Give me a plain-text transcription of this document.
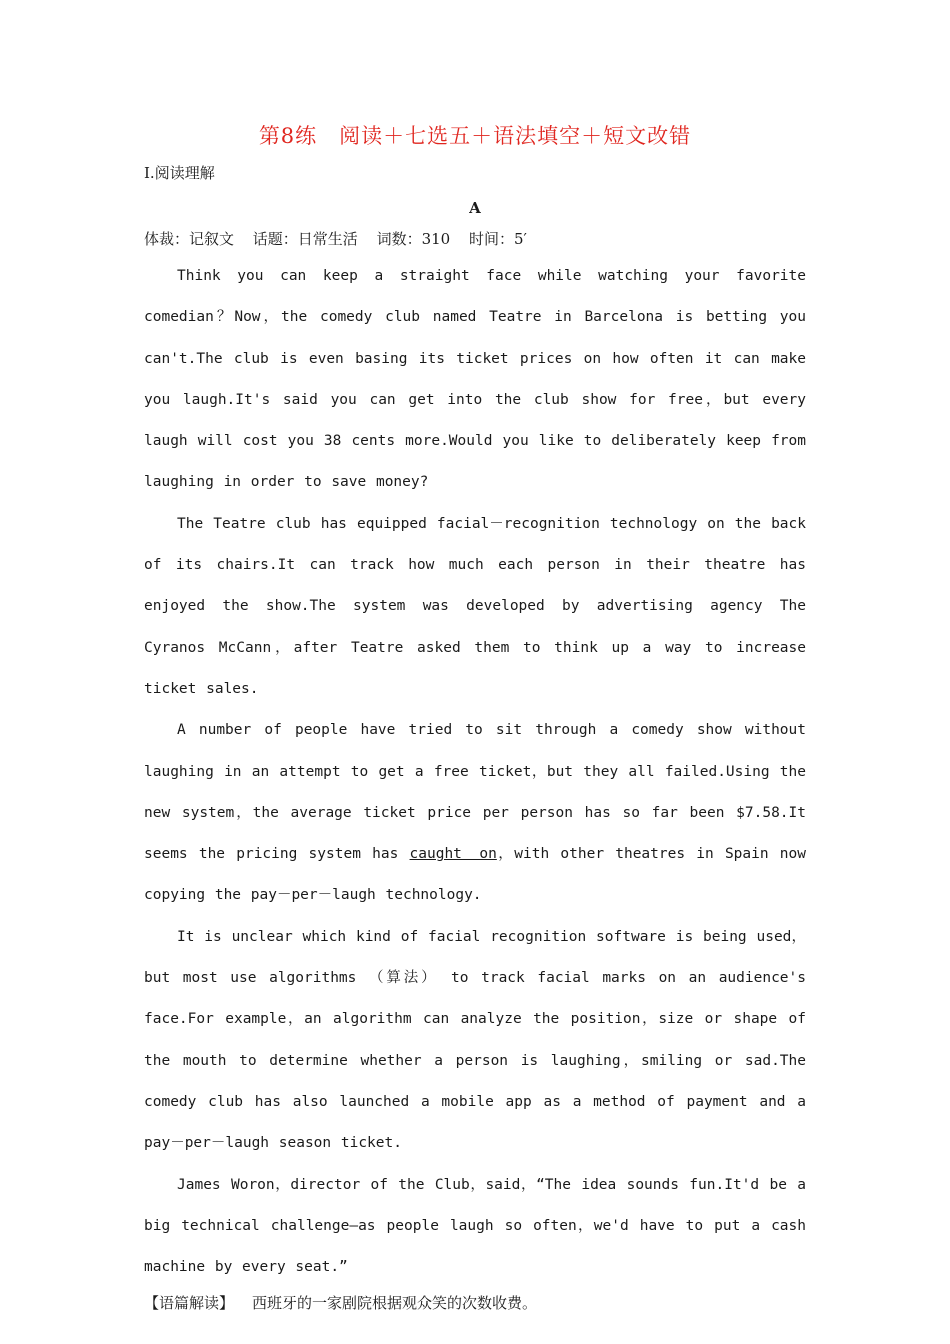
第8练　阅读＋七选五＋语法填空＋短文改错
Ⅰ.阅读理解
A
体裁：记叙文 话题：日常生活 词数：310 时间：5′

Think you can keep a straight face while watching your favorite comedian？Now，the comedy club named Teatre in Barcelona is betting you can't.The club is even basing its ticket prices on how often it can make you laugh.It's said you can get into the club show for free，but every laugh will cost you 38 cents more.Would you like to deliberately keep from laughing in order to save money?

The Teatre club has equipped facial－recognition technology on the back of its chairs.It can track how much each person in their theatre has enjoyed the show.The system was developed by advertising agency The Cyranos McCann，after Teatre asked them to think up a way to increase ticket sales.

A number of people have tried to sit through a comedy show without laughing in an attempt to get a free ticket，but they all failed.Using the new system，the average ticket price per person has so far been $7.58.It seems the pricing system has caught　on，with other theatres in Spain now copying the pay－per－laugh technology.

It is unclear which kind of facial recognition software is being used，but most use algorithms （算法） to track facial marks on an audience's face.For example，an algorithm can analyze the position，size or shape of the mouth to determine whether a person is laughing，smiling or sad.The comedy club has also launched a mobile app as a method of payment and a pay－per－laugh season ticket.

James Woron，director of the Club，said，“The idea sounds fun.It'd be a big technical challenge—as people laugh so often，we'd have to put a cash machine by every seat.”

【语篇解读】 西班牙的一家剧院根据观众笑的次数收费。
